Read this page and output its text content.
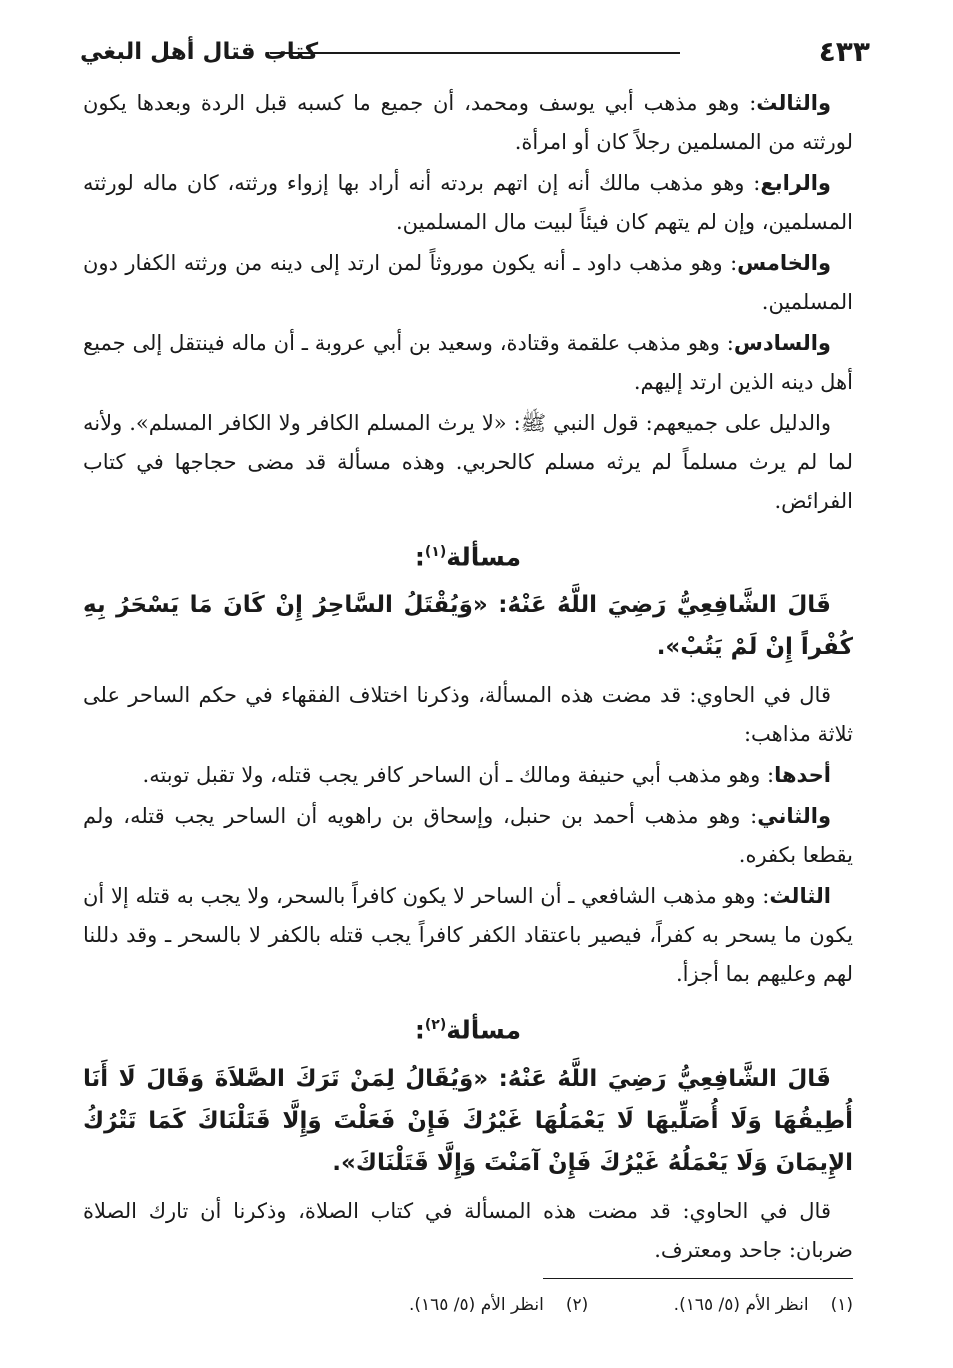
٤٣٣
كتاب قتال أهل البغي

والثالث: وهو مذهب أبي يوسف ومحمد، أن جميع ما كسبه قبل الردة وبعدها يكون لورثته من المسلمين رجلاً كان أو امرأة.

والرابع: وهو مذهب مالك أنه إن اتهم بردته أنه أراد بها إزواء ورثته، كان ماله لورثته المسلمين، وإن لم يتهم كان فيئاً لبيت مال المسلمين.

والخامس: وهو مذهب داود ـ أنه يكون موروثاً لمن ارتد إلى دينه من ورثته الكفار دون المسلمين.

والسادس: وهو مذهب علقمة وقتادة، وسعيد بن أبي عروبة ـ أن ماله فينتقل إلى جميع أهل دينه الذين ارتد إليهم.

والدليل على جميعهم: قول النبي ﷺ: «لا يرث المسلم الكافر ولا الكافر المسلم». ولأنه لما لم يرث مسلماً لم يرثه مسلم كالحربي. وهذه مسألة قد مضى حجاجها في كتاب الفرائض.

مسألة$^{(١)}$:

قَالَ الشَّافِعِيُّ رَضِيَ اللَّهُ عَنْهُ: «وَيُقْتَلُ السَّاحِرُ إِنْ كَانَ مَا يَسْحَرُ بِهِ كُفْراً إِنْ لَمْ يَتُبْ».

قال في الحاوي: قد مضت هذه المسألة، وذكرنا اختلاف الفقهاء في حكم الساحر على ثلاثة مذاهب:

أحدها: وهو مذهب أبي حنيفة ومالك ـ أن الساحر كافر يجب قتله، ولا تقبل توبته.

والثاني: وهو مذهب أحمد بن حنبل، وإسحاق بن راهويه أن الساحر يجب قتله، ولم يقطعا بكفره.

الثالث: وهو مذهب الشافعي ـ أن الساحر لا يكون كافراً بالسحر، ولا يجب به قتله إلا أن يكون ما يسحر به كفراً، فيصير باعتقاد الكفر كافراً يجب قتله بالكفر لا بالسحر ـ وقد دللنا لهم وعليهم بما أجزأ.

مسألة$^{(٢)}$:

قَالَ الشَّافِعِيُّ رَضِيَ اللَّهُ عَنْهُ: «وَيُقَالُ لِمَنْ تَرَكَ الصَّلاَةَ وَقَالَ لَا أَنَا أُطِيقُهَا وَلَا أُصَلِّيهَا لَا يَعْمَلُهَا غَيْرُكَ فَإِنْ فَعَلْتَ وَإِلَّا قَتَلْنَاكَ كَمَا تَتْرُكُ الإِيمَانَ وَلَا يَعْمَلُهُ غَيْرُكَ فَإِنْ آمَنْتَ وَإِلَّا قَتَلْنَاكَ».

قال في الحاوي: قد مضت هذه المسألة في كتاب الصلاة، وذكرنا أن تارك الصلاة ضربان: جاحد ومعترف.

(١)انظر الأم (٥/ ١٦٥). (٢)انظر الأم (٥/ ١٦٥).
